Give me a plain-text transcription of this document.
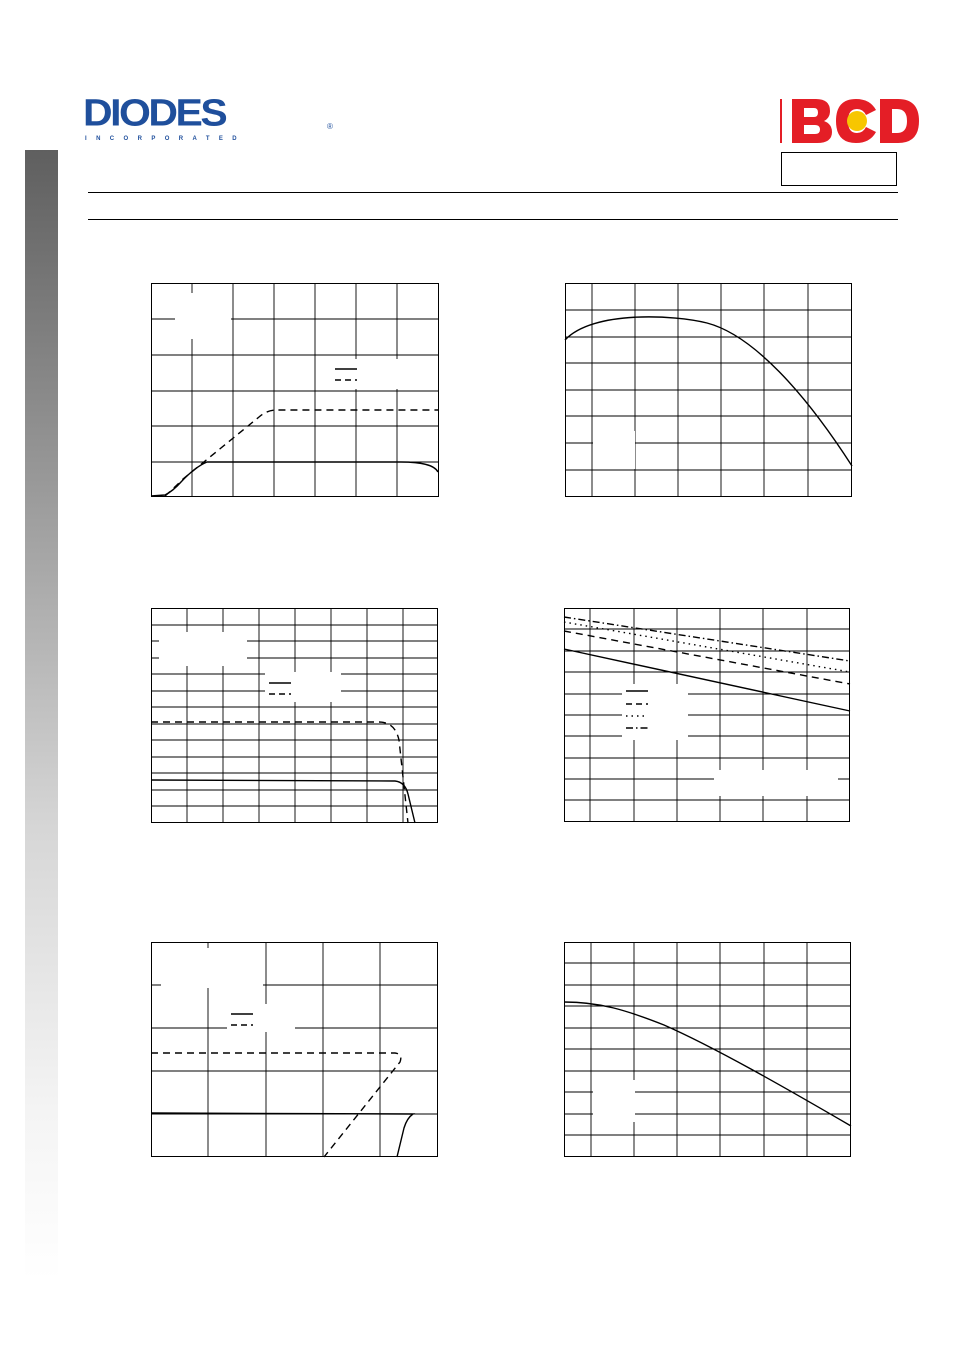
DIODES	®
INCORPORATED
